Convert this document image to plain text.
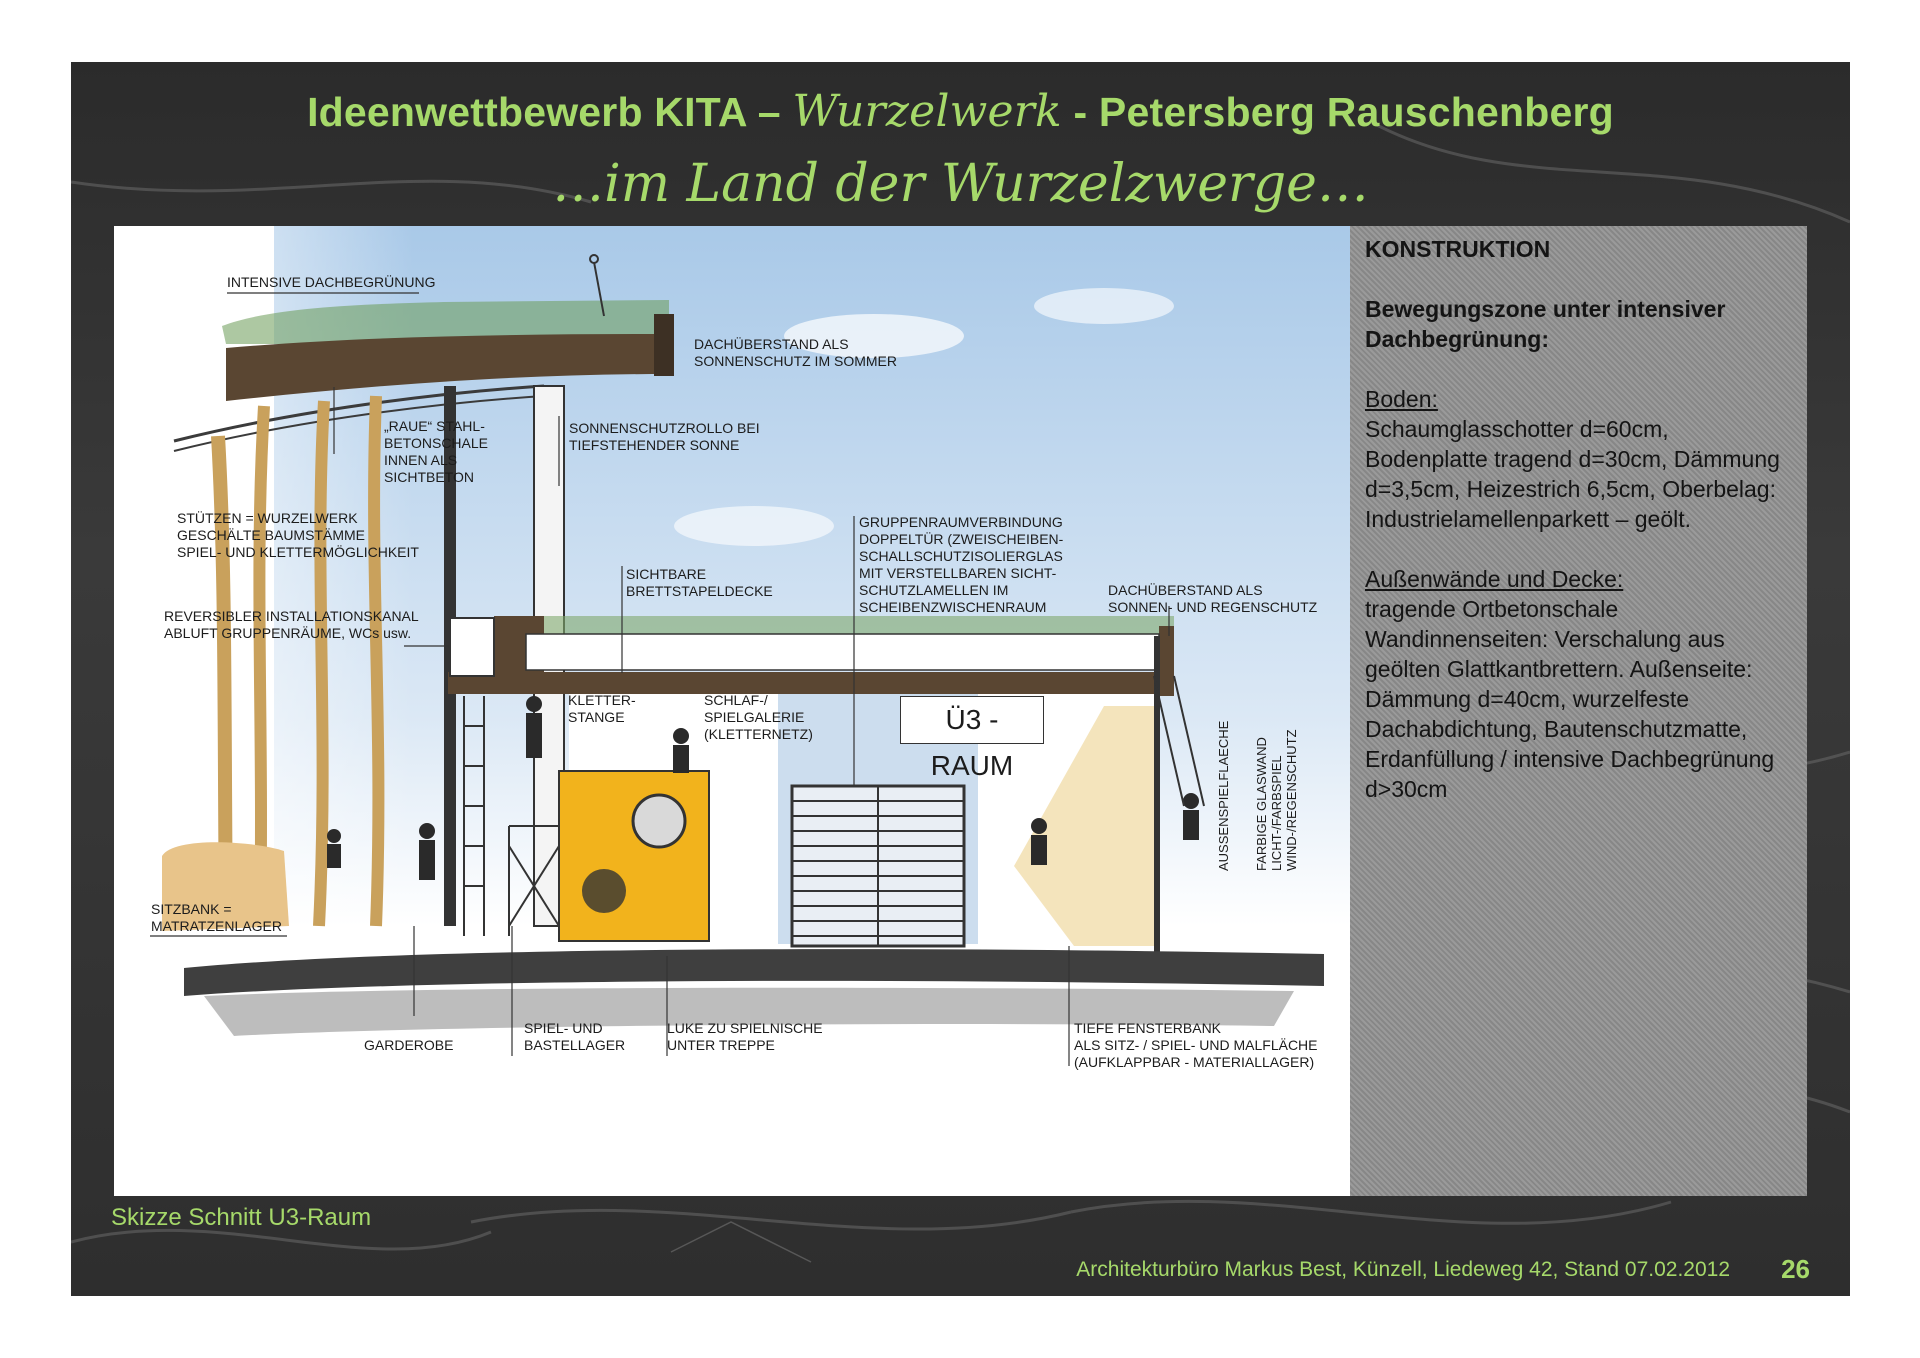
Ideenwettbewerb KITA – Wurzelwerk - Petersberg Rauschenberg
…im Land der Wurzelzwerge…
INTENSIVE DACHBEGRÜNUNG
DACHÜBERSTAND ALS
SONNENSCHUTZ IM SOMMER
„RAUE“ STAHL-
BETONSCHALE
INNEN ALS
SICHTBETON
SONNENSCHUTZROLLO BEI
TIEFSTEHENDER SONNE
STÜTZEN = WURZELWERK
GESCHÄLTE BAUMSTÄMME
SPIEL- UND KLETTERMÖGLICHKEIT
GRUPPENRAUMVERBINDUNG
DOPPELTÜR (ZWEISCHEIBEN-
SCHALLSCHUTZISOLIERGLAS
MIT VERSTELLBAREN SICHT-
SCHUTZLAMELLEN IM
SCHEIBENZWISCHENRAUM
SICHTBARE
BRETTSTAPELDECKE	DACHÜBERSTAND ALS
SONNEN- UND REGENSCHUTZ
REVERSIBLER INSTALLATIONSKANAL
ABLUFT GRUPPENRÄUME, WCs usw.
KLETTER-
STANGE
SCHLAF-/
SPIELGALERIE
(KLETTERNETZ)	Ü3 - RAUM	AUSSENSPIELFLAECHE FARBIGE GLASWAND
LICHT-/FARBSPIEL
WIND-/REGENSCHUTZ
SITZBANK =
MATRATZENLAGER
GARDEROBE
SPIEL- UND
BASTELLAGER
LUKE ZU SPIELNISCHE
UNTER TREPPE
TIEFE FENSTERBANK
ALS SITZ- / SPIEL- UND MALFLÄCHE
(AUFKLAPPBAR - MATERIALLAGER)

KONSTRUKTION

Bewegungszone unter intensiver Dachbegrünung:

Boden:

Schaumglasschotter d=60cm, Bodenplatte tragend d=30cm, Dämmung d=3,5cm, Heizestrich 6,5cm, Oberbelag: Industrielamellenparkett – geölt.

Außenwände und Decke:

tragende Ortbetonschale Wandinnenseiten: Verschalung aus geölten Glattkantbrettern. Außenseite: Dämmung d=40cm, wurzelfeste Dachabdichtung, Bautenschutzmatte, Erdanfüllung / intensive Dachbegrünung d>30cm

Skizze Schnitt U3-Raum
Architekturbüro Markus Best, Künzell, Liedeweg 42, Stand 07.02.2012 26
